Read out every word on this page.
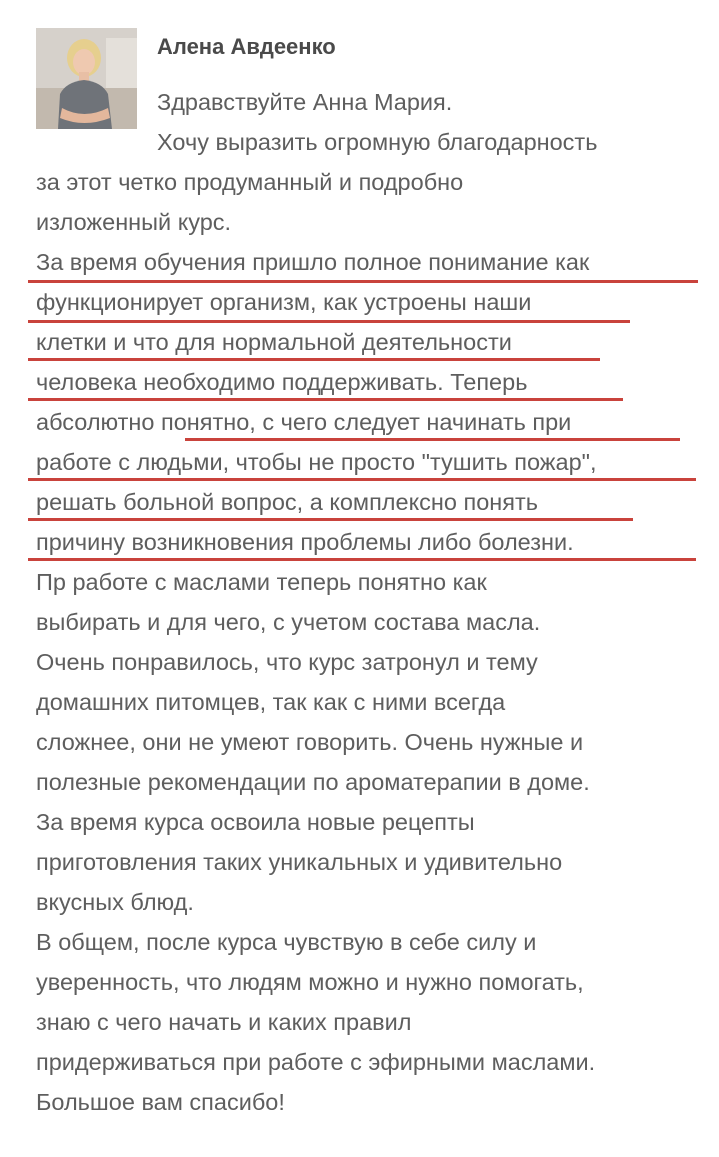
Алена Авдеенко
Здравствуйте Анна Мария.
Хочу выразить огромную благодарность
за этот четко продуманный и подробно
изложенный курс.
За время обучения пришло полное понимание как
функционирует организм, как устроены наши
клетки и что для нормальной деятельности
человека необходимо поддерживать. Теперь
абсолютно понятно, с чего следует начинать при
работе с людьми, чтобы не просто "тушить пожар",
решать больной вопрос, а комплексно понять
причину возникновения проблемы либо болезни.
Пр работе с маслами теперь понятно как
выбирать и для чего, с учетом состава масла.
Очень понравилось, что курс затронул и тему
домашних питомцев, так как с ними всегда
сложнее, они не умеют говорить. Очень нужные и
полезные рекомендации по ароматерапии в доме.
За время курса освоила новые рецепты
приготовления таких уникальных и удивительно
вкусных блюд.
В общем, после курса чувствую в себе силу и
уверенность, что людям можно и нужно помогать,
знаю с чего начать и каких правил
придерживаться при работе с эфирными маслами.
Большое вам спасибо!
